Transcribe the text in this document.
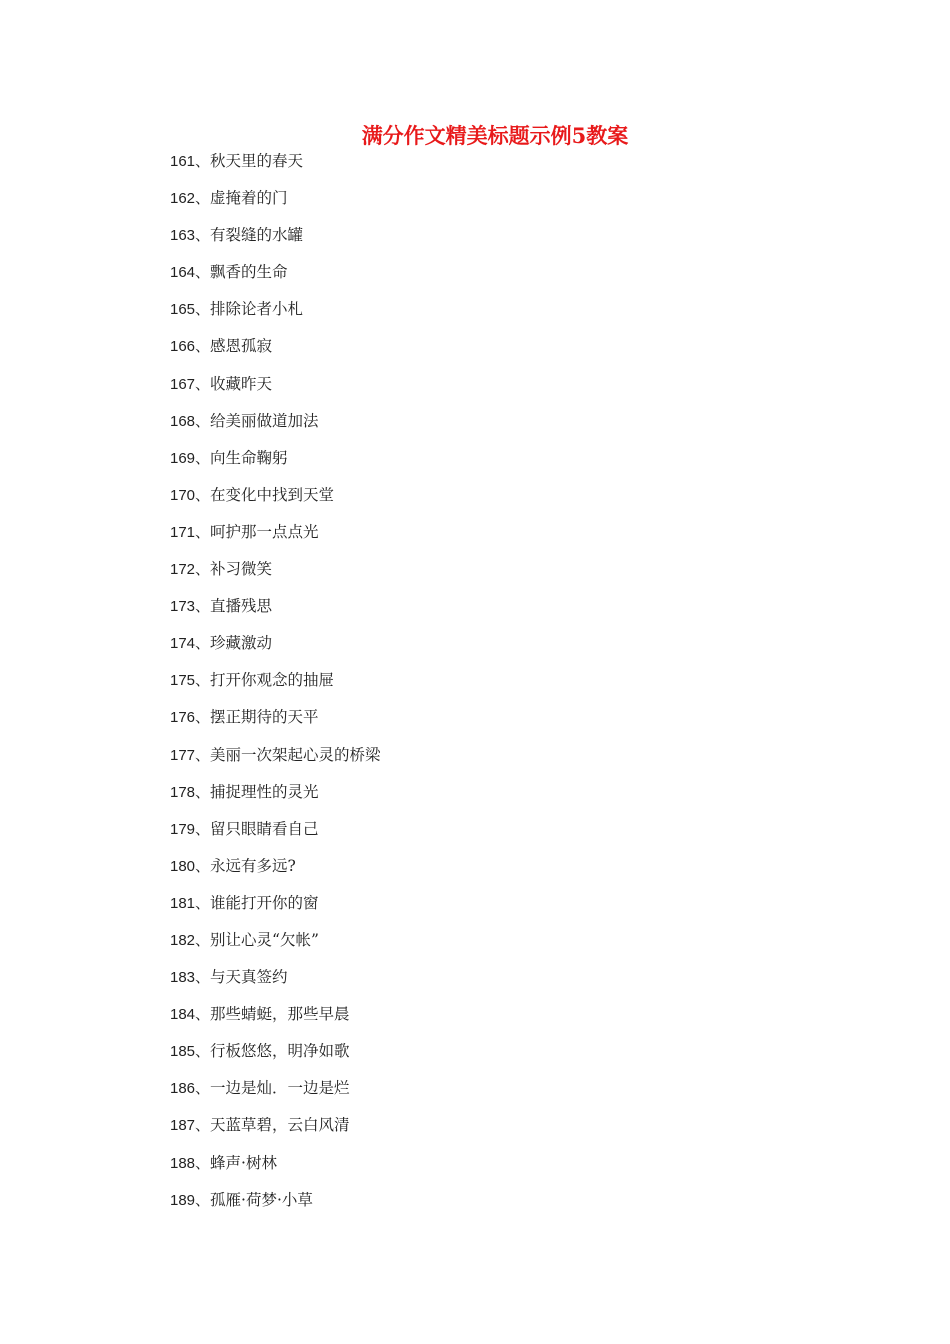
满分作文精美标题示例5教案
161、秋天里的春天
162、虚掩着的门
163、有裂缝的水罐
164、飘香的生命
165、排除论者小札
166、感恩孤寂
167、收藏昨天
168、给美丽做道加法
169、向生命鞠躬
170、在变化中找到天堂
171、呵护那一点点光
172、补习微笑
173、直播残思
174、珍藏激动
175、打开你观念的抽屉
176、摆正期待的天平
177、美丽一次架起心灵的桥梁
178、捕捉理性的灵光
179、留只眼睛看自己
180、永远有多远?
181、谁能打开你的窗
182、别让心灵“欠帐”
183、与天真签约
184、那些蜻蜓，那些早晨
185、行板悠悠，明净如歌
186、一边是灿．一边是烂
187、天蓝草碧，云白风清
188、蜂声·树林
189、孤雁·荷梦·小草
